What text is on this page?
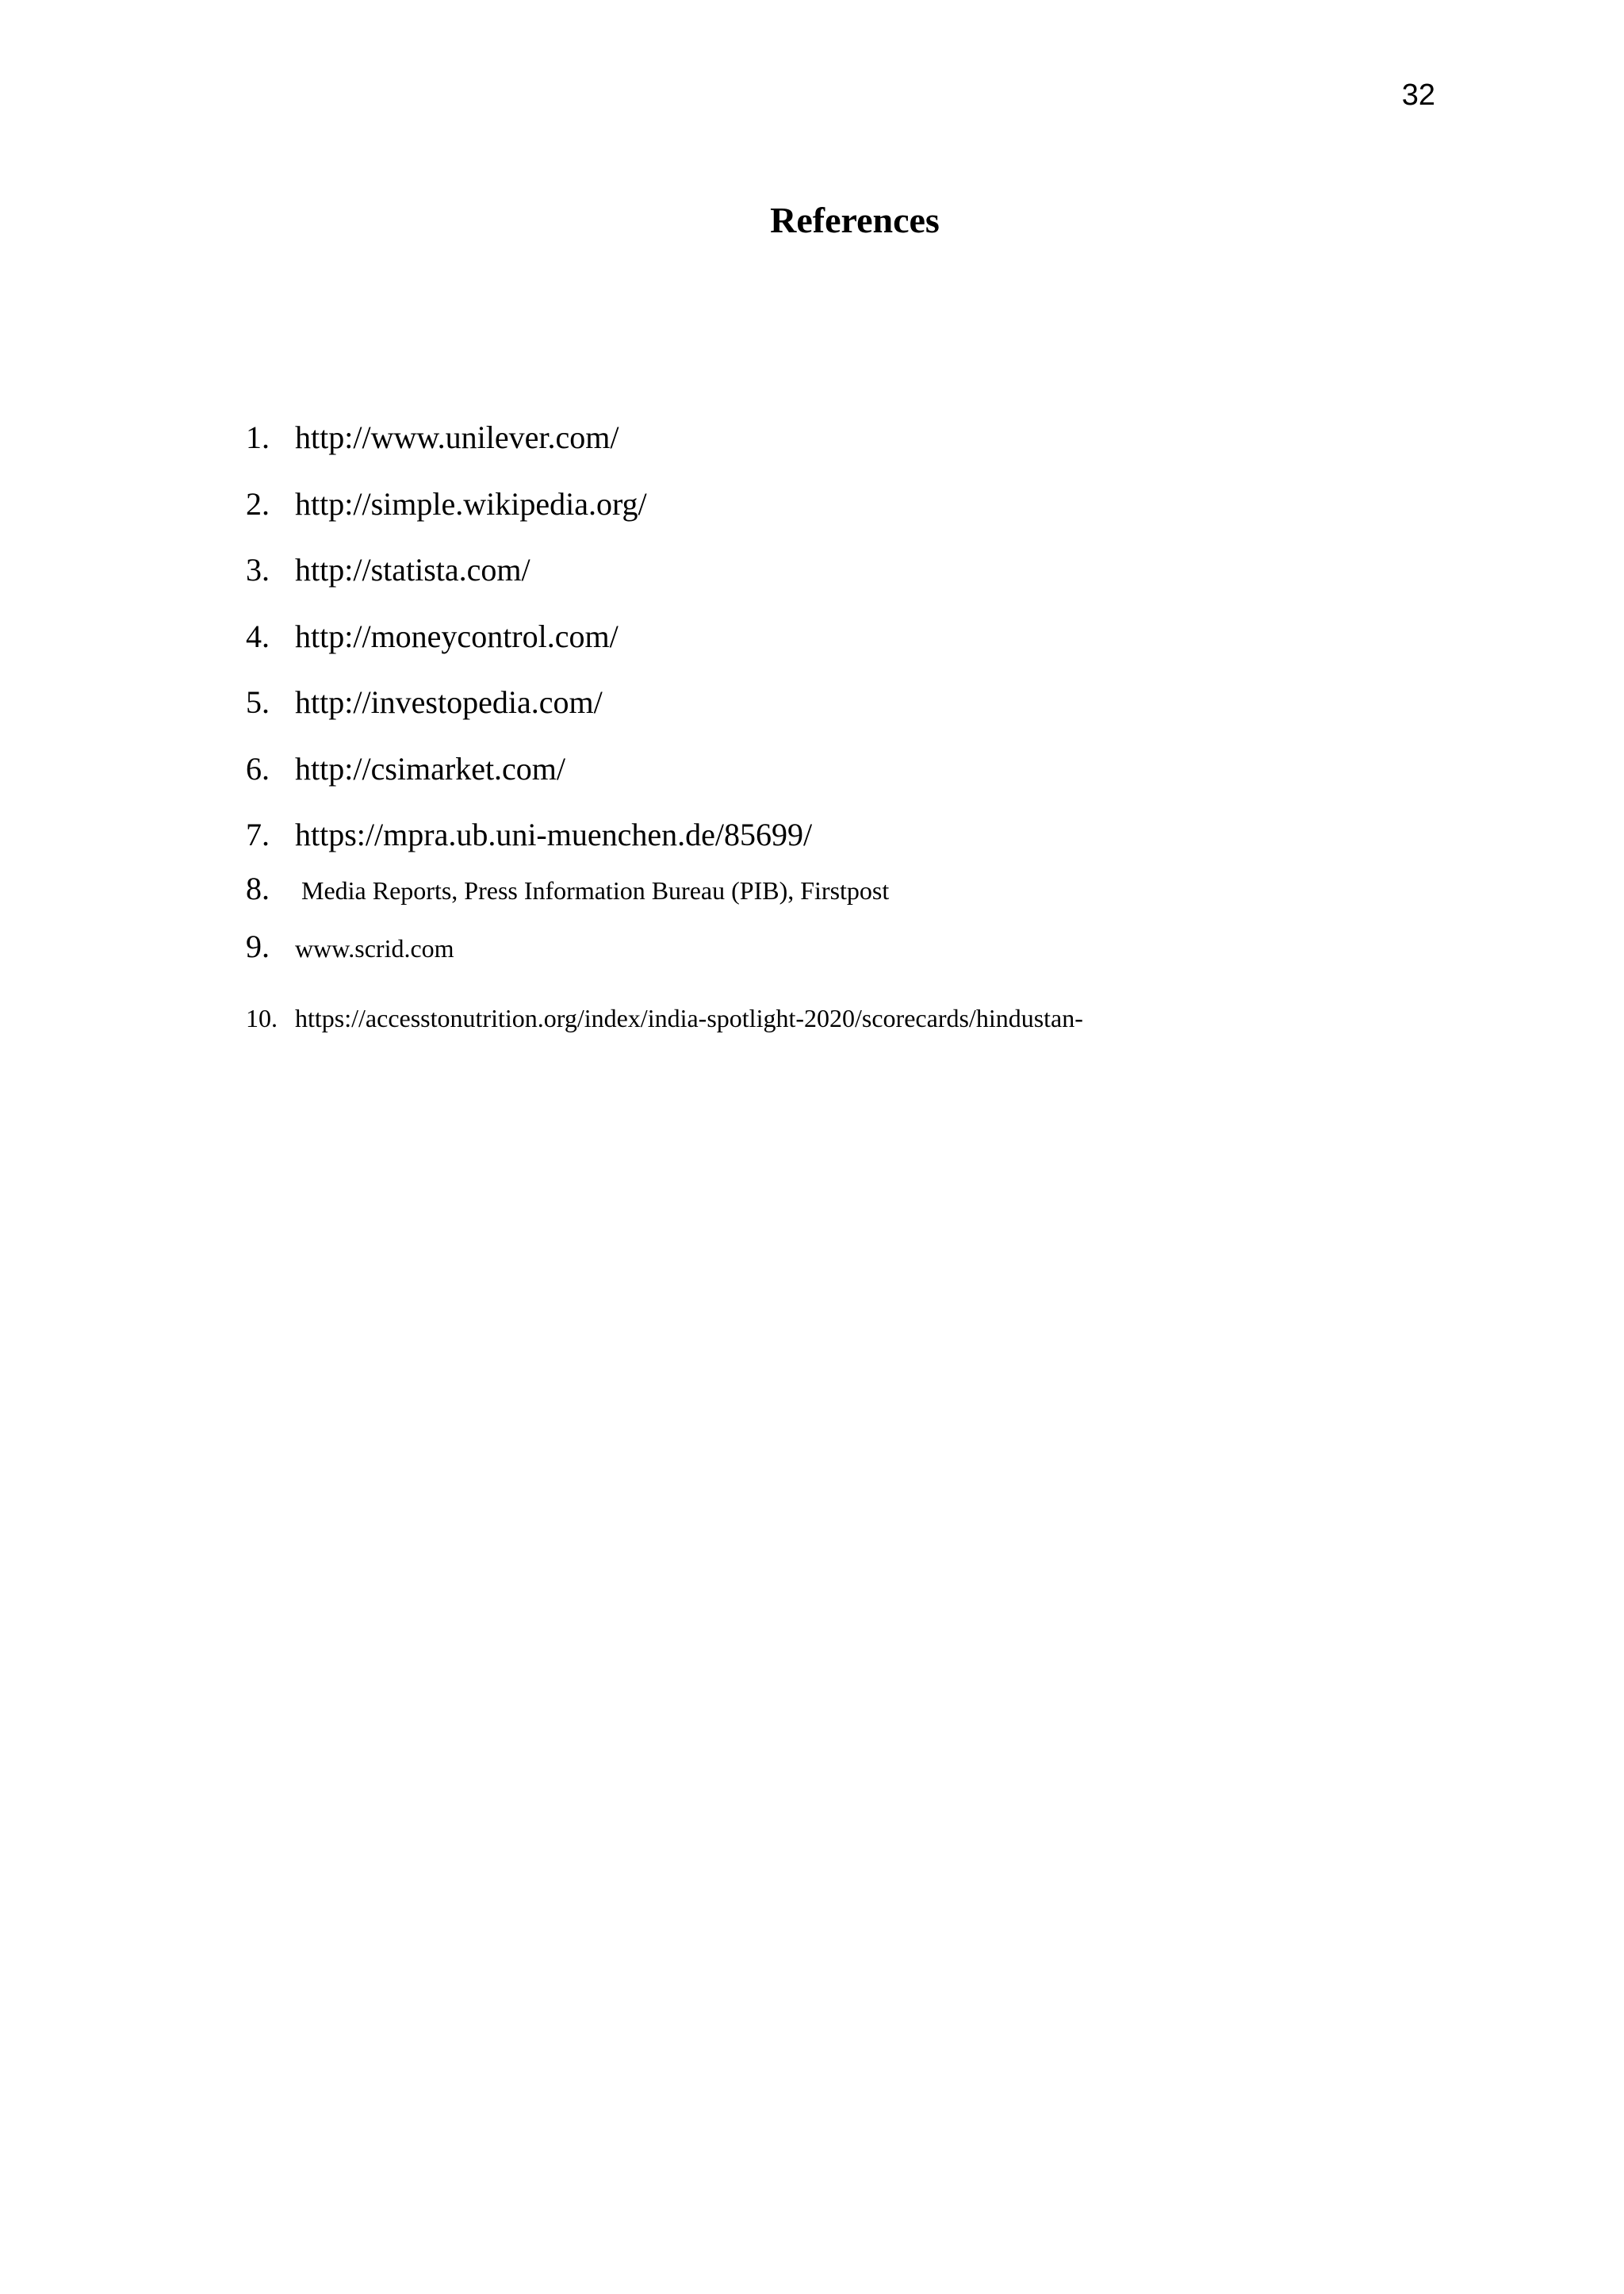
32
References
1. http://www.unilever.com/
2. http://simple.wikipedia.org/
3. http://statista.com/
4. http://moneycontrol.com/
5. http://investopedia.com/
6. http://csimarket.com/
7. https://mpra.ub.uni-muenchen.de/85699/
8.	Media Reports, Press Information Bureau (PIB), Firstpost
9.	www.scrid.com
10. https://accesstonutrition.org/index/india-spotlight-2020/scorecards/hindustan-
